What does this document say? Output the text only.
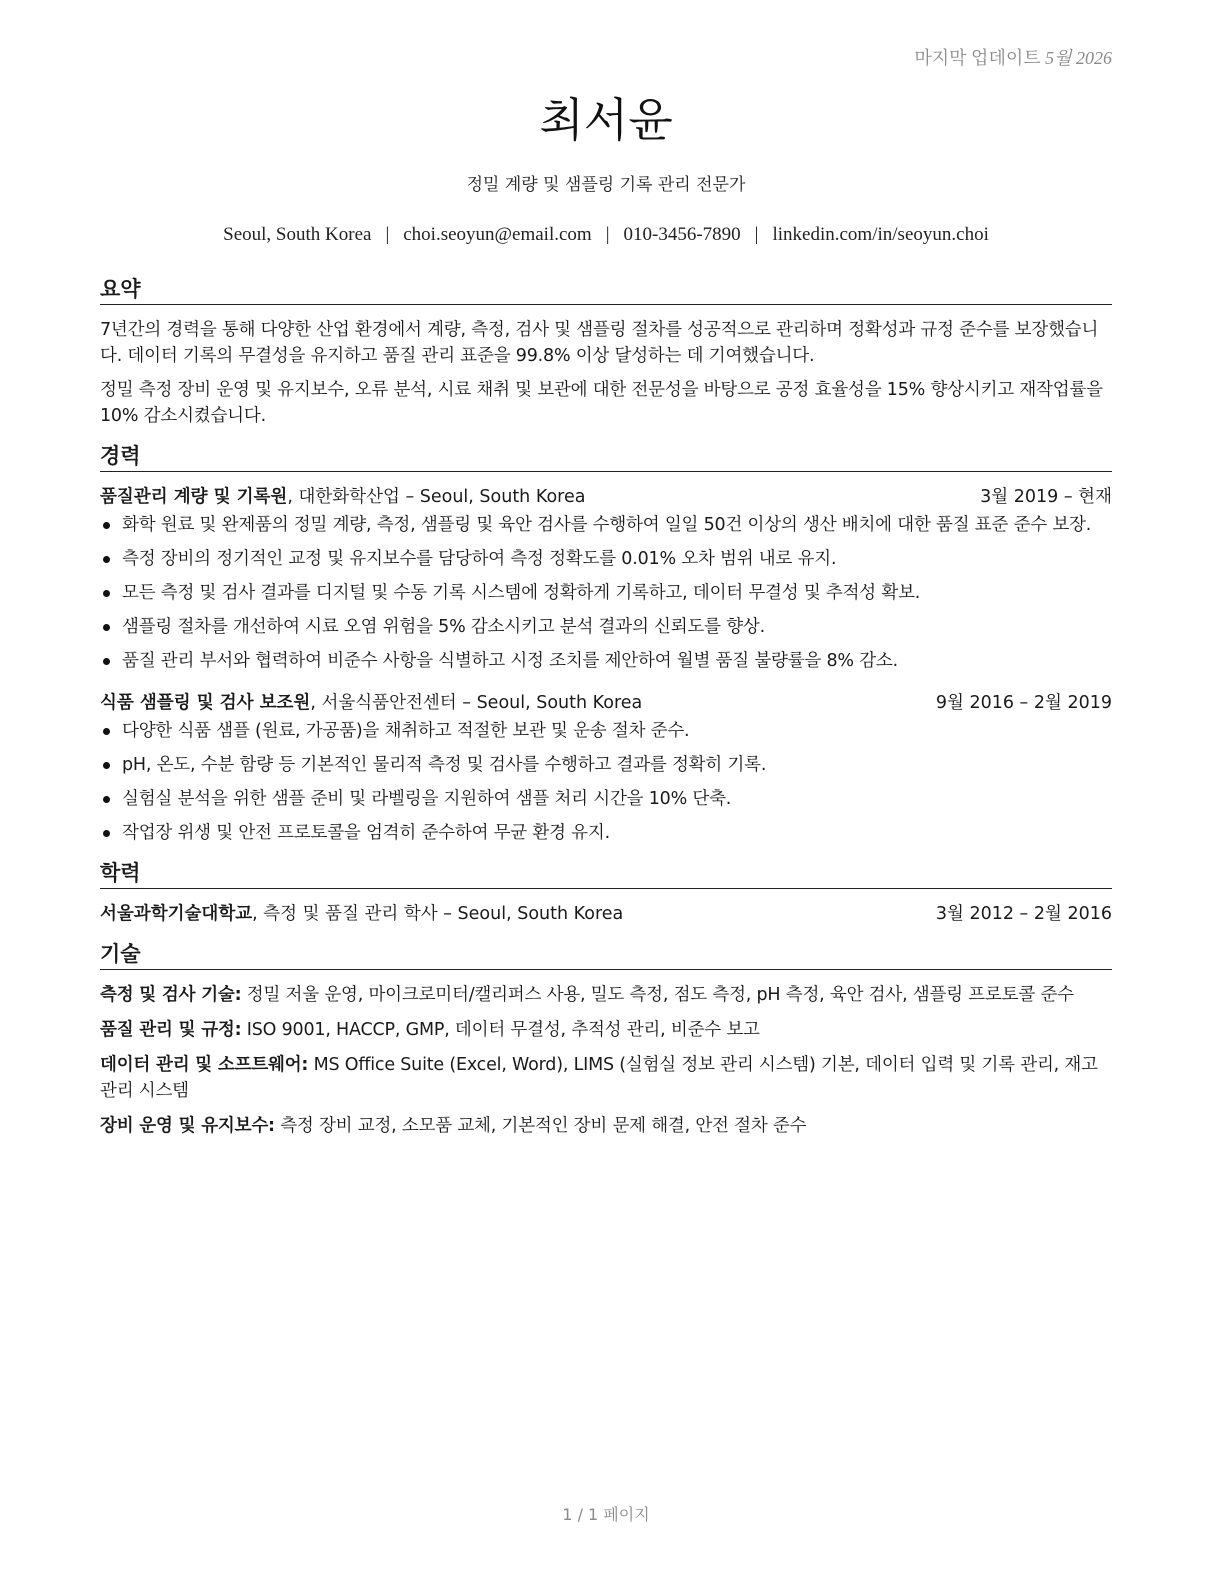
마지막 업데이트 5월 2026
최서윤
정밀 계량 및 샘플링 기록 관리 전문가
Seoul, South Korea | choi.seoyun@email.com | 010-3456-7890 | linkedin.com/in/seoyun.choi
요약

7년간의 경력을 통해 다양한 산업 환경에서 계량, 측정, 검사 및 샘플링 절차를 성공적으로 관리하며 정확성과 규정 준수를 보장했습니다. 데이터 기록의 무결성을 유지하고 품질 관리 표준을 99.8% 이상 달성하는 데 기여했습니다.

정밀 측정 장비 운영 및 유지보수, 오류 분석, 시료 채취 및 보관에 대한 전문성을 바탕으로 공정 효율성을 15% 향상시키고 재작업률을 10% 감소시켰습니다.

경력
품질관리 계량 및 기록원, 대한화학산업 – Seoul, South Korea	3월 2019 – 현재
화학 원료 및 완제품의 정밀 계량, 측정, 샘플링 및 육안 검사를 수행하여 일일 50건 이상의 생산 배치에 대한 품질 표준 준수 보장.
측정 장비의 정기적인 교정 및 유지보수를 담당하여 측정 정확도를 0.01% 오차 범위 내로 유지.
모든 측정 및 검사 결과를 디지털 및 수동 기록 시스템에 정확하게 기록하고, 데이터 무결성 및 추적성 확보.
샘플링 절차를 개선하여 시료 오염 위험을 5% 감소시키고 분석 결과의 신뢰도를 향상.
품질 관리 부서와 협력하여 비준수 사항을 식별하고 시정 조치를 제안하여 월별 품질 불량률을 8% 감소.
식품 샘플링 및 검사 보조원, 서울식품안전센터 – Seoul, South Korea	9월 2016 – 2월 2019
다양한 식품 샘플 (원료, 가공품)을 채취하고 적절한 보관 및 운송 절차 준수.
pH, 온도, 수분 함량 등 기본적인 물리적 측정 및 검사를 수행하고 결과를 정확히 기록.
실험실 분석을 위한 샘플 준비 및 라벨링을 지원하여 샘플 처리 시간을 10% 단축.
작업장 위생 및 안전 프로토콜을 엄격히 준수하여 무균 환경 유지.
학력
서울과학기술대학교, 측정 및 품질 관리 학사 – Seoul, South Korea	3월 2012 – 2월 2016
기술
측정 및 검사 기술: 정밀 저울 운영, 마이크로미터/캘리퍼스 사용, 밀도 측정, 점도 측정, pH 측정, 육안 검사, 샘플링 프로토콜 준수
품질 관리 및 규정: ISO 9001, HACCP, GMP, 데이터 무결성, 추적성 관리, 비준수 보고
데이터 관리 및 소프트웨어: MS Office Suite (Excel, Word), LIMS (실험실 정보 관리 시스템) 기본, 데이터 입력 및 기록 관리, 재고 관리 시스템
장비 운영 및 유지보수: 측정 장비 교정, 소모품 교체, 기본적인 장비 문제 해결, 안전 절차 준수
1 / 1 페이지
